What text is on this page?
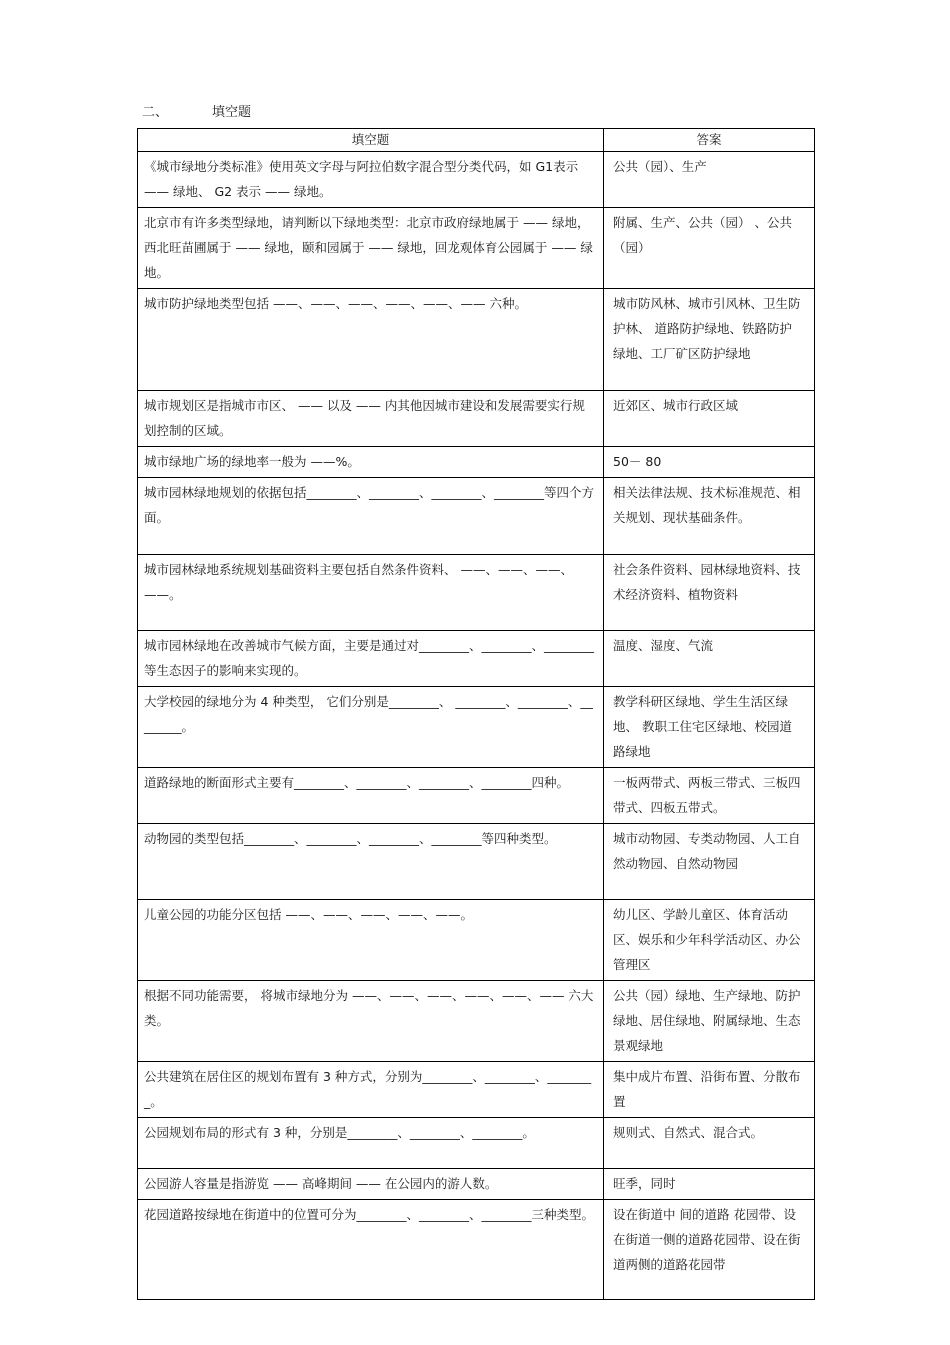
二、	填空题
填空题	答案
《城市绿地分类标准》使用英文字母与阿拉伯数字混合型分类代码，如 G1表示 —— 绿地、 G2 表示 —— 绿地。	公共（园）、生产
北京市有许多类型绿地，请判断以下绿地类型：北京市政府绿地属于 —— 绿地，西北旺苗圃属于 —— 绿地，颐和园属于 —— 绿地，回龙观体育公园属于 —— 绿地。	附属、生产、公共（园） 、公共（园）
城市防护绿地类型包括 ——、——、——、——、——、—— 六种。	城市防风林、城市引风林、卫生防护林、 道路防护绿地、铁路防护绿地、工厂矿区防护绿地
城市规划区是指城市市区、 —— 以及 —— 内其他因城市建设和发展需要实行规划控制的区域。	近郊区、城市行政区域
城市绿地广场的绿地率一般为 ——%。	50－ 80
城市园林绿地规划的依据包括________、________、________、________等四个方面。	相关法律法规、技术标准规范、相关规划、现状基础条件。
城市园林绿地系统规划基础资料主要包括自然条件资料、 ——、——、——、——。	社会条件资料、园林绿地资料、技术经济资料、植物资料
城市园林绿地在改善城市气候方面，主要是通过对________、________、________等生态因子的影响来实现的。	温度、湿度、气流
大学校园的绿地分为 4 种类型， 它们分别是________、 ________、________、________。	教学科研区绿地、学生生活区绿地、 教职工住宅区绿地、校园道路绿地
道路绿地的断面形式主要有________、________、________、________四种。	一板两带式、两板三带式、三板四带式、四板五带式。
动物园的类型包括________、________、________、________等四种类型。	城市动物园、专类动物园、人工自然动物园、自然动物园
儿童公园的功能分区包括 ——、——、——、——、——。	幼儿区、学龄儿童区、体育活动区、娱乐和少年科学活动区、办公管理区
根据不同功能需要， 将城市绿地分为 ——、——、——、——、——、—— 六大类。	公共（园）绿地、生产绿地、防护绿地、居住绿地、附属绿地、生态景观绿地
公共建筑在居住区的规划布置有 3 种方式，分别为________、________、________。	集中成片布置、沿街布置、分散布置
公园规划布局的形式有 3 种，分别是________、________、________。	规则式、自然式、混合式。
公园游人容量是指游览 —— 高峰期间 —— 在公园内的游人数。	旺季，同时
花园道路按绿地在街道中的位置可分为________、________、________三种类型。	设在街道中 间的道路 花园带、设在街道一侧的道路花园带、设在街道两侧的道路花园带
